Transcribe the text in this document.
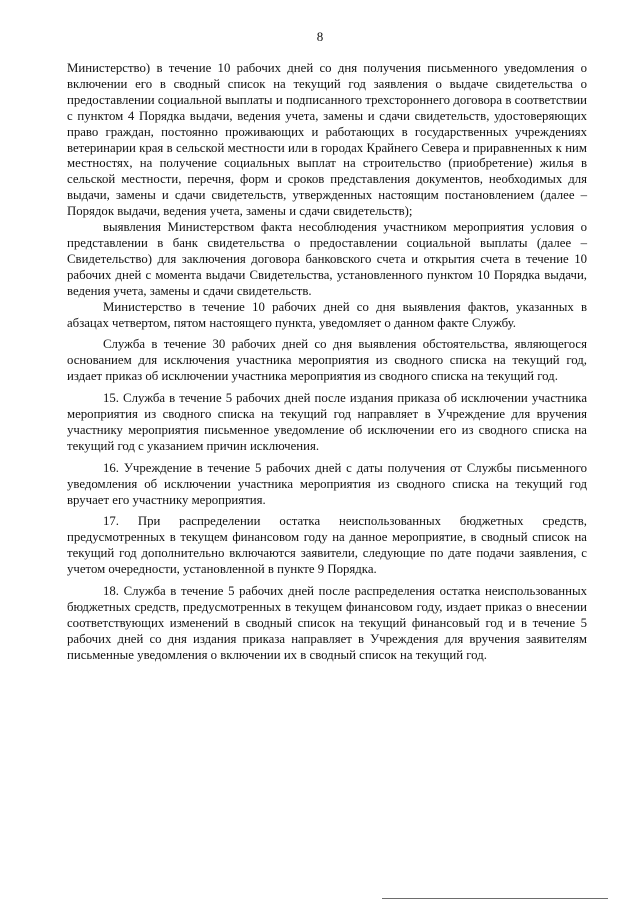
8

Министерство) в течение 10 рабочих дней со дня получения письменного уведомления о включении его в сводный список на текущий год заявления о выдаче свидетельства о предоставлении социальной выплаты и подписанного трехстороннего договора в соответствии с пунктом 4 Порядка выдачи, ведения учета, замены и сдачи свидетельств, удостоверяющих право граждан, постоянно проживающих и работающих в государственных учреждениях ветеринарии края в сельской местности или в городах Крайнего Севера и приравненных к ним местностях, на получение социальных выплат на строительство (приобретение) жилья в сельской местности, перечня, форм и сроков представления документов, необходимых для выдачи, замены и сдачи свидетельств, утвержденных настоящим постановлением (далее – Порядок выдачи, ведения учета, замены и сдачи свидетельств);

выявления Министерством факта несоблюдения участником мероприятия условия о представлении в банк свидетельства о предоставлении социальной выплаты (далее – Свидетельство) для заключения договора банковского счета и открытия счета в течение 10 рабочих дней с момента выдачи Свидетельства, установленного пунктом 10 Порядка выдачи, ведения учета, замены и сдачи свидетельств.

Министерство в течение 10 рабочих дней со дня выявления фактов, указанных в абзацах четвертом, пятом настоящего пункта, уведомляет о данном факте Службу.

Служба в течение 30 рабочих дней со дня выявления обстоятельства, являющегося основанием для исключения участника мероприятия из сводного списка на текущий год, издает приказ об исключении участника мероприятия из сводного списка на текущий год.

15. Служба в течение 5 рабочих дней после издания приказа об исключении участника мероприятия из сводного списка на текущий год направляет в Учреждение для вручения участнику мероприятия письменное уведомление об исключении его из сводного списка на текущий год с указанием причин исключения.

16. Учреждение в течение 5 рабочих дней с даты получения от Службы письменного уведомления об исключении участника мероприятия из сводного списка на текущий год вручает его участнику мероприятия.

17. При распределении остатка неиспользованных бюджетных средств, предусмотренных в текущем финансовом году на данное мероприятие, в сводный список на текущий год дополнительно включаются заявители, следующие по дате подачи заявления, с учетом очередности, установленной в пункте 9 Порядка.

18. Служба в течение 5 рабочих дней после распределения остатка неиспользованных бюджетных средств, предусмотренных в текущем финансовом году, издает приказ о внесении соответствующих изменений в сводный список на текущий финансовый год и в течение 5 рабочих дней со дня издания приказа направляет в Учреждения для вручения заявителям письменные уведомления о включении их в сводный список на текущий год.
